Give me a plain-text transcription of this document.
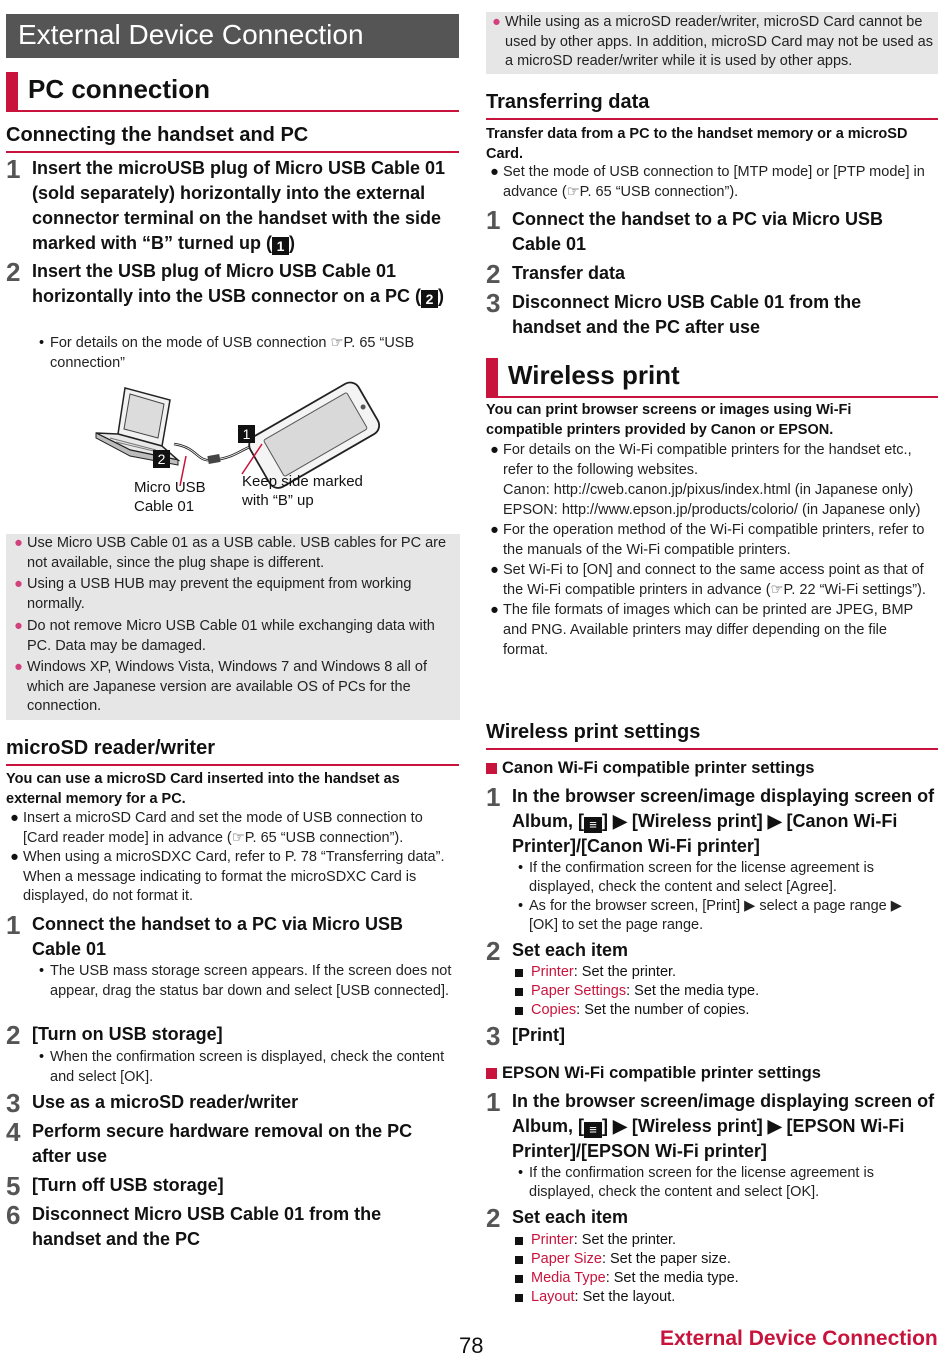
External Device Connection
PC connection
Connecting the handset and PC
1 Insert the microUSB plug of Micro USB Cable 01 (sold separately) horizontally into the external connector terminal on the handset with the side marked with “B” turned up ( 1 )
2 Insert the USB plug of Micro USB Cable 01 horizontally into the USB connector on a PC ( 2 )
• For details on the mode of USB connection ☞P. 65 “USB connection”
1
2
Micro USB Cable 01
Keep side marked with “B” up
● Use Micro USB Cable 01 as a USB cable. USB cables for PC are not available, since the plug shape is different.
● Using a USB HUB may prevent the equipment from working normally.
● Do not remove Micro USB Cable 01 while exchanging data with PC. Data may be damaged.
● Windows XP, Windows Vista, Windows 7 and Windows 8 all of which are Japanese version are available OS of PCs for the connection.
microSD reader/writer
You can use a microSD Card inserted into the handset as external memory for a PC.
● Insert a microSD Card and set the mode of USB connection to [Card reader mode] in advance (☞P. 65 “USB connection”).
● When using a microSDXC Card, refer to P. 78 “Transferring data”. When a message indicating to format the microSDXC Card is displayed, do not format it.
1 Connect the handset to a PC via Micro USB Cable 01
• The USB mass storage screen appears. If the screen does not appear, drag the status bar down and select [USB connected].
2 [Turn on USB storage]
• When the confirmation screen is displayed, check the content and select [OK].
3 Use as a microSD reader/writer
4 Perform secure hardware removal on the PC after use
5 [Turn off USB storage]
6 Disconnect Micro USB Cable 01 from the handset and the PC
● While using as a microSD reader/writer, microSD Card cannot be used by other apps. In addition, microSD Card may not be used as a microSD reader/writer while it is used by other apps.
Transferring data
Transfer data from a PC to the handset memory or a microSD Card.
● Set the mode of USB connection to [MTP mode] or [PTP mode] in advance (☞P. 65 “USB connection”).
1 Connect the handset to a PC via Micro USB Cable 01
2 Transfer data
3 Disconnect Micro USB Cable 01 from the handset and the PC after use
Wireless print
You can print browser screens or images using Wi-Fi compatible printers provided by Canon or EPSON.
● For details on the Wi-Fi compatible printers for the handset etc., refer to the following websites.
Canon: http://cweb.canon.jp/pixus/index.html (in Japanese only)
EPSON: http://www.epson.jp/products/colorio/ (in Japanese only)
● For the operation method of the Wi-Fi compatible printers, refer to the manuals of the Wi-Fi compatible printers.
● Set Wi-Fi to [ON] and connect to the same access point as that of the Wi-Fi compatible printers in advance (☞P. 22 “Wi-Fi settings”).
● The file formats of images which can be printed are JPEG, BMP and PNG. Available printers may differ depending on the file format.
Wireless print settings
Canon Wi-Fi compatible printer settings
1 In the browser screen/image displaying screen of Album, [ ≡ ] ▶ [Wireless print] ▶ [Canon Wi-Fi Printer]/[Canon Wi-Fi printer]
• If the confirmation screen for the license agreement is displayed, check the content and select [Agree].
• As for the browser screen, [Print] ▶ select a page range ▶ [OK] to set the page range.
2 Set each item
Printer: Set the printer.
Paper Settings: Set the media type.
Copies: Set the number of copies.
3 [Print]
EPSON Wi-Fi compatible printer settings
1 In the browser screen/image displaying screen of Album, [ ≡ ] ▶ [Wireless print] ▶ [EPSON Wi-Fi Printer]/[EPSON Wi-Fi printer]
• If the confirmation screen for the license agreement is displayed, check the content and select [OK].
2 Set each item
Printer: Set the printer.
Paper Size: Set the paper size.
Media Type: Set the media type.
Layout: Set the layout.
78	External Device Connection
